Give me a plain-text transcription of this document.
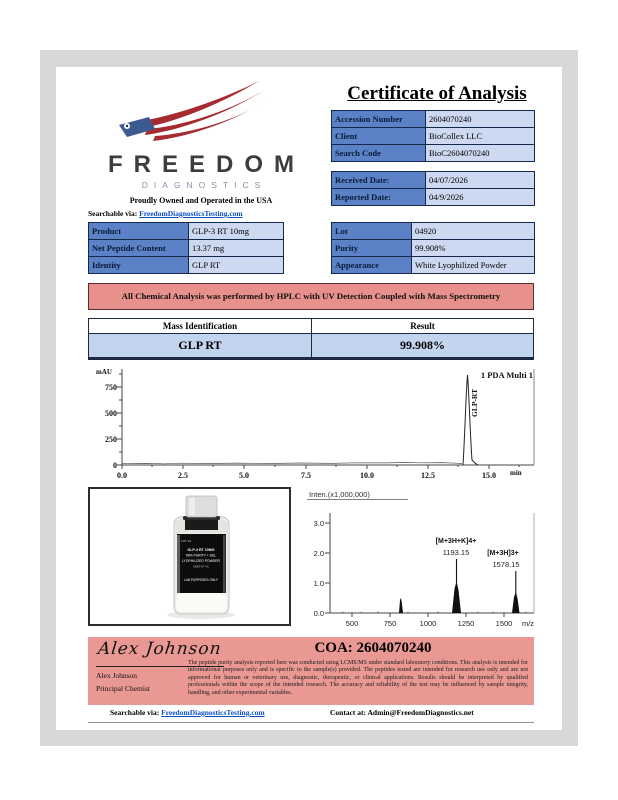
FREEDOM
DIAGNOSTICS
Proudly Owned and Operated in the USA
Searchable via: FreedomDiagnosticsTesting.com
Certificate of Analysis
Accession Number	2604070240
Client	BioCollex LLC
Search Code	BioC2604070240
Received Date:	04/07/2026
Reported Date:	04/9/2026
Product	GLP-3 RT 10mg
Net Peptide Content	13.37 mg
Identity	GLP RT
Lot	04920
Purity	99.908%
Appearance	White Lyophilized Powder
All Chemical Analysis was performed by HPLC with UV Detection Coupled with Mass Spectrometry
Mass Identification	Result
GLP RT	99.908%
mAU
750
500
250
0
0.0	2.5	5.0	7.5	10.0	12.5	15.0 min
GLP-RT
1 PDA Multi 1
LOT 24
GLP-3 RT 10MG
99% PURITY + DEL
LYOPHILIZED POWDER
KEEP AT 4C
LAB PURPOSES ONLY
Inten.(x1,000,000)
3.0
2.0
1.0
0.0
500	750	1000	1250	1500 m/z
[M+3H+K]4+
1193.15	[M+3H]3+
1578.15
Alex Johnson
Alex Johnson
Principal Chemist
COA: 2604070240
The peptide purity analysis reported here was conducted using LCMS/MS under standard laboratory conditions. This analysis is intended for informational purposes only and is specific to the sample(s) provided. The peptides tested are intended for research use only and are not approved for human or veterinary use, diagnostic, therapeutic, or clinical applications. Results should be interpreted by qualified professionals within the scope of the intended research. The accuracy and reliability of the test may be influenced by sample integrity, handling, and other experimental variables.
Searchable via: FreedomDiagnosticsTesting.com	Contact at: Admin@FreedomDiagnostics.net
